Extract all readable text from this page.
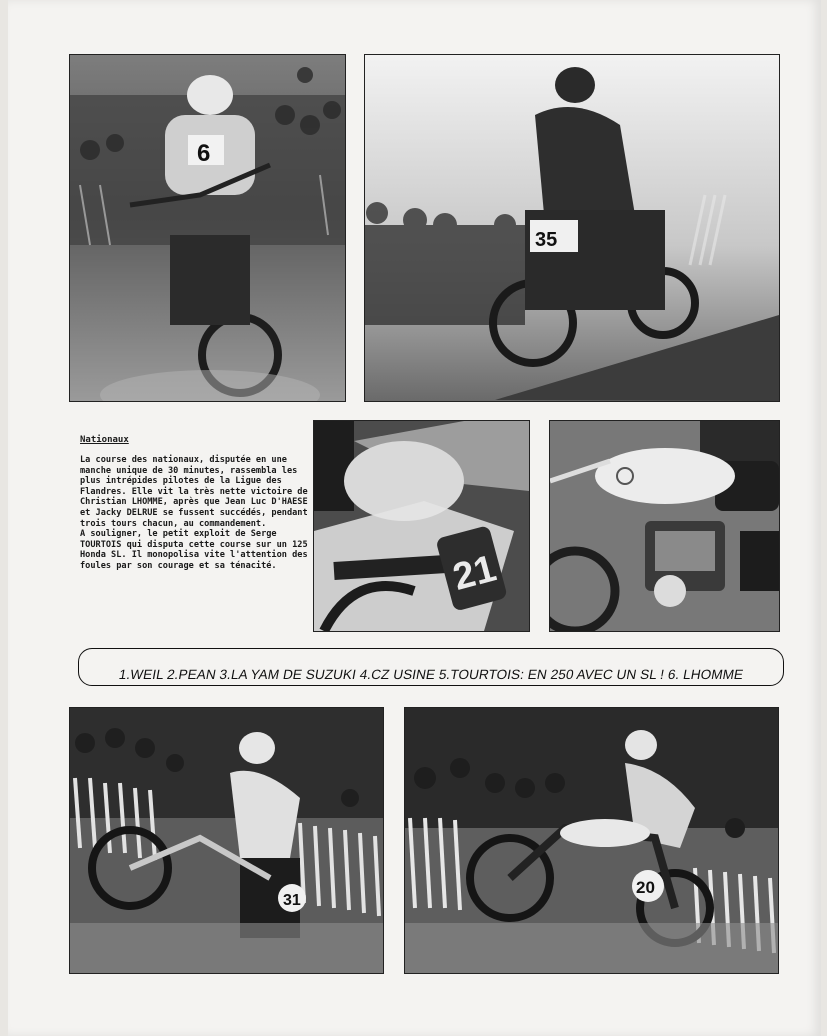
6
35
Nationaux

La course des nationaux, disputée en une manche unique de 30 minutes, rassembla les plus intrépides pilotes de la Ligue des Flandres. Elle vit la très nette victoire de Christian LHOMME, après que Jean Luc D'HAESE et Jacky DELRUE se fussent succédés, pendant trois tours chacun, au commandement.

A souligner, le petit exploit de Serge TOURTOIS qui disputa cette course sur un 125 Honda SL. Il monopolisa vite l'attention des foules par son courage et sa ténacité.	21
1.WEIL 2.PEAN 3.LA YAM DE SUZUKI 4.CZ USINE 5.TOURTOIS: EN 250 AVEC UN SL ! 6. LHOMME
31
20
